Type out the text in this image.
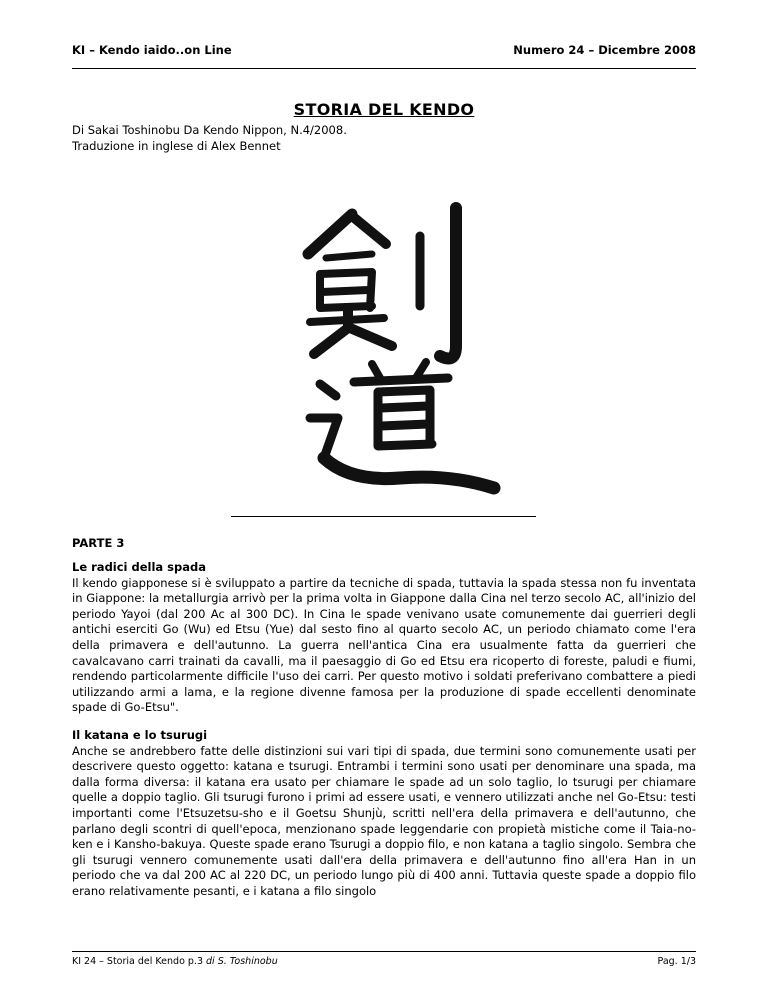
KI – Kendo iaido..on Line	Numero 24 – Dicembre 2008
STORIA DEL KENDO
Di Sakai Toshinobu Da Kendo Nippon, N.4/2008.
Traduzione in inglese di Alex Bennet
PARTE 3
Le radici della spada

Il kendo giapponese si è sviluppato a partire da tecniche di spada, tuttavia la spada stessa non fu inventata in Giappone: la metallurgia arrivò per la prima volta in Giappone dalla Cina nel terzo secolo AC, all'inizio del periodo Yayoi (dal 200 Ac al 300 DC). In Cina le spade venivano usate comunemente dai guerrieri degli antichi eserciti Go (Wu) ed Etsu (Yue) dal sesto fino al quarto secolo AC, un periodo chiamato come l'era della primavera e dell'autunno. La guerra nell'antica Cina era usualmente fatta da guerrieri che cavalcavano carri trainati da cavalli, ma il paesaggio di Go ed Etsu era ricoperto di foreste, paludi e fiumi, rendendo particolarmente difficile l'uso dei carri. Per questo motivo i soldati preferivano combattere a piedi utilizzando armi a lama, e la regione divenne famosa per la produzione di spade eccellenti denominate spade di Go-Etsu".

Il katana e lo tsurugi

Anche se andrebbero fatte delle distinzioni sui vari tipi di spada, due termini sono comunemente usati per descrivere questo oggetto: katana e tsurugi. Entrambi i termini sono usati per denominare una spada, ma dalla forma diversa: il katana era usato per chiamare le spade ad un solo taglio, lo tsurugi per chiamare quelle a doppio taglio. Gli tsurugi furono i primi ad essere usati, e vennero utilizzati anche nel Go-Etsu: testi importanti come l'Etsuzetsu-sho e il Goetsu Shunjù, scritti nell'era della primavera e dell'autunno, che parlano degli scontri di quell'epoca, menzionano spade leggendarie con propietà mistiche come il Taia-no-ken e i Kansho-bakuya. Queste spade erano Tsurugi a doppio filo, e non katana a taglio singolo. Sembra che gli tsurugi vennero comunemente usati dall'era della primavera e dell'autunno fino all'era Han in un periodo che va dal 200 AC al 220 DC, un periodo lungo più di 400 anni. Tuttavia queste spade a doppio filo erano relativamente pesanti, e i katana a filo singolo

KI 24 – Storia del Kendo p.3 di S. Toshinobu	Pag. 1/3
